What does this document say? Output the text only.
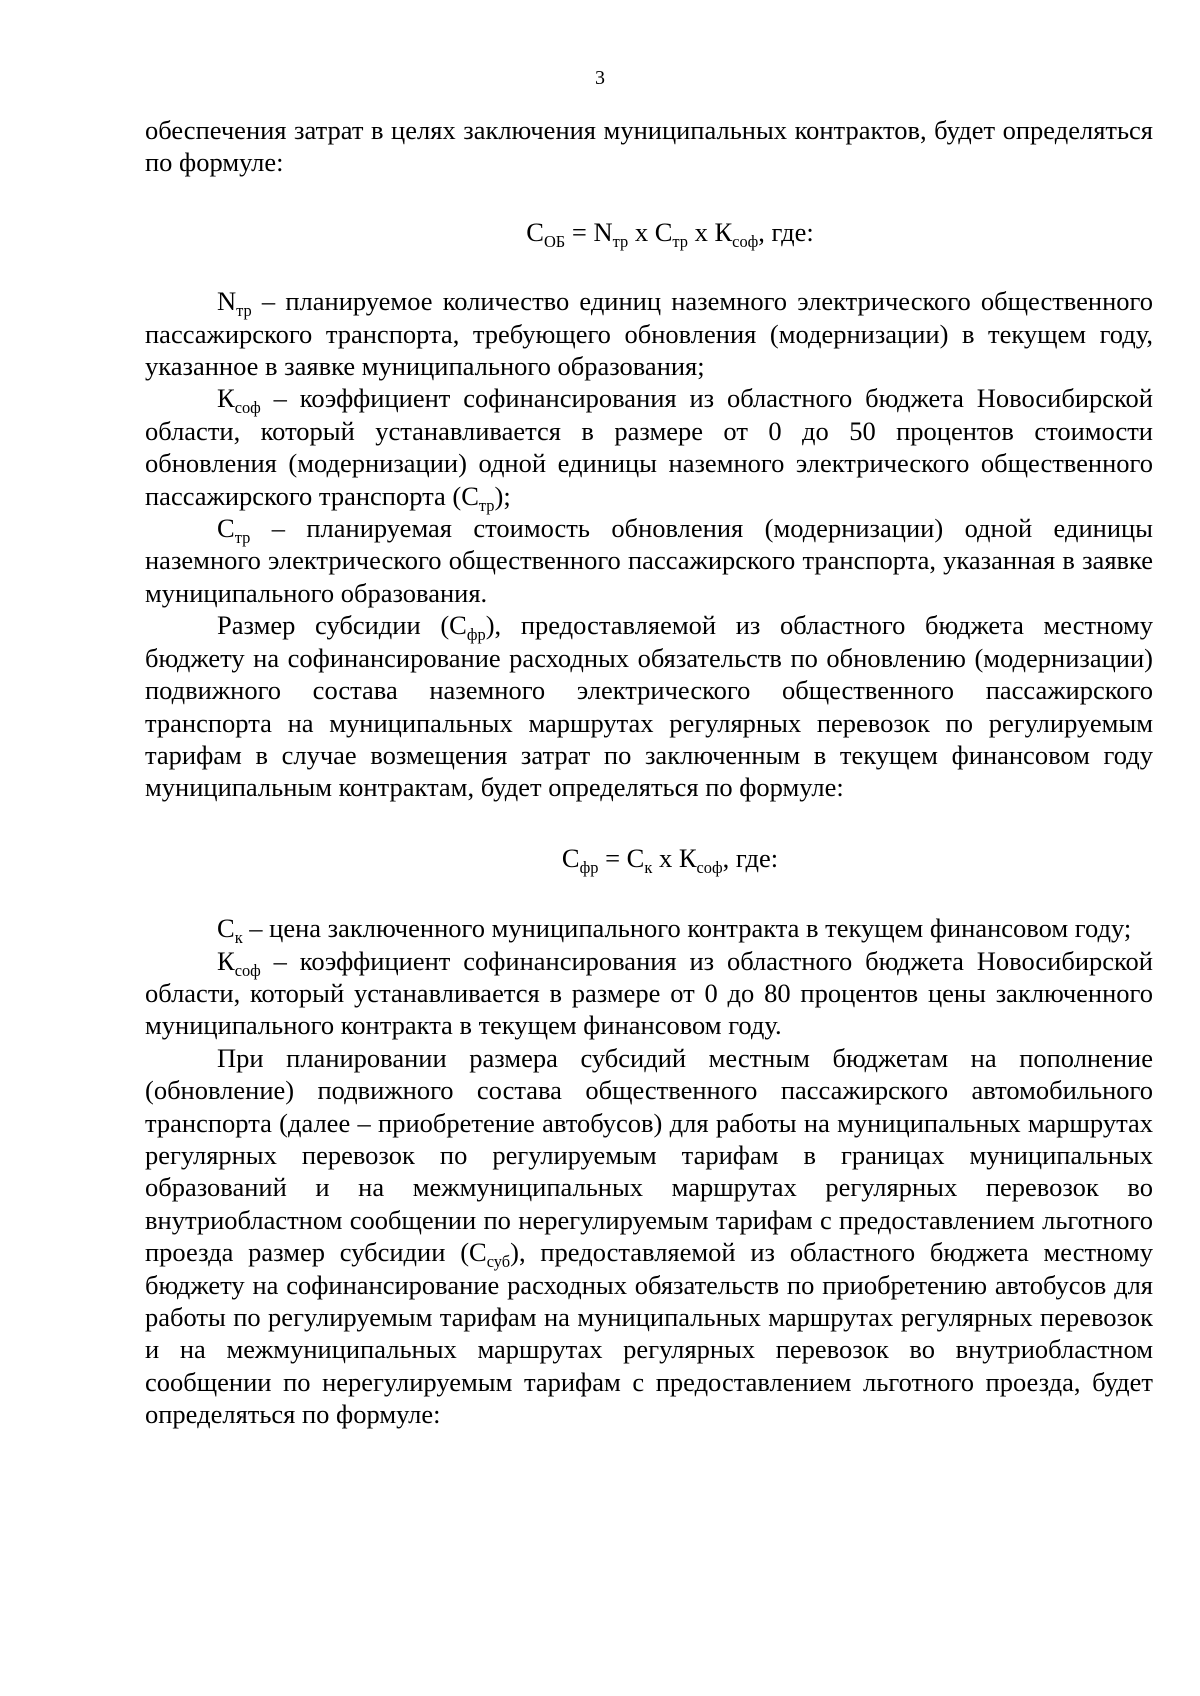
3

обеспечения затрат в целях заключения муниципальных контрактов, будет определяться по формуле:

$С_{ОБ} = N_{тр}$ х $С_{тр}$ х $К_{соф}$, где:

$N_{тр}$ – планируемое количество единиц наземного электрического общественного пассажирского транспорта, требующего обновления (модернизации) в текущем году, указанное в заявке муниципального образования;

$К_{соф}$ – коэффициент софинансирования из областного бюджета Новосибирской области, который устанавливается в размере от 0 до 50 процентов стоимости обновления (модернизации) одной единицы наземного электрического общественного пассажирского транспорта $(С_{тр})$;

$С_{тр}$ – планируемая стоимость обновления (модернизации) одной единицы наземного электрического общественного пассажирского транспорта, указанная в заявке муниципального образования.

Размер субсидии $(С_{фр})$, предоставляемой из областного бюджета местному бюджету на софинансирование расходных обязательств по обновлению (модернизации) подвижного состава наземного электрического общественного пассажирского транспорта на муниципальных маршрутах регулярных перевозок по регулируемым тарифам в случае возмещения затрат по заключенным в текущем финансовом году муниципальным контрактам, будет определяться по формуле:

$С_{фр} = С_к$ х $К_{соф}$, где:

$С_к$ – цена заключенного муниципального контракта в текущем финансовом году;

$К_{соф}$ – коэффициент софинансирования из областного бюджета Новосибирской области, который устанавливается в размере от 0 до 80 процентов цены заключенного муниципального контракта в текущем финансовом году.

При планировании размера субсидий местным бюджетам на пополнение (обновление) подвижного состава общественного пассажирского автомобильного транспорта (далее – приобретение автобусов) для работы на муниципальных маршрутах регулярных перевозок по регулируемым тарифам в границах муниципальных образований и на межмуниципальных маршрутах регулярных перевозок во внутриобластном сообщении по нерегулируемым тарифам с предоставлением льготного проезда размер субсидии $(С_{суб})$, предоставляемой из областного бюджета местному бюджету на софинансирование расходных обязательств по приобретению автобусов для работы по регулируемым тарифам на муниципальных маршрутах регулярных перевозок и на межмуниципальных маршрутах регулярных перевозок во внутриобластном сообщении по нерегулируемым тарифам с предоставлением льготного проезда, будет определяться по формуле:
